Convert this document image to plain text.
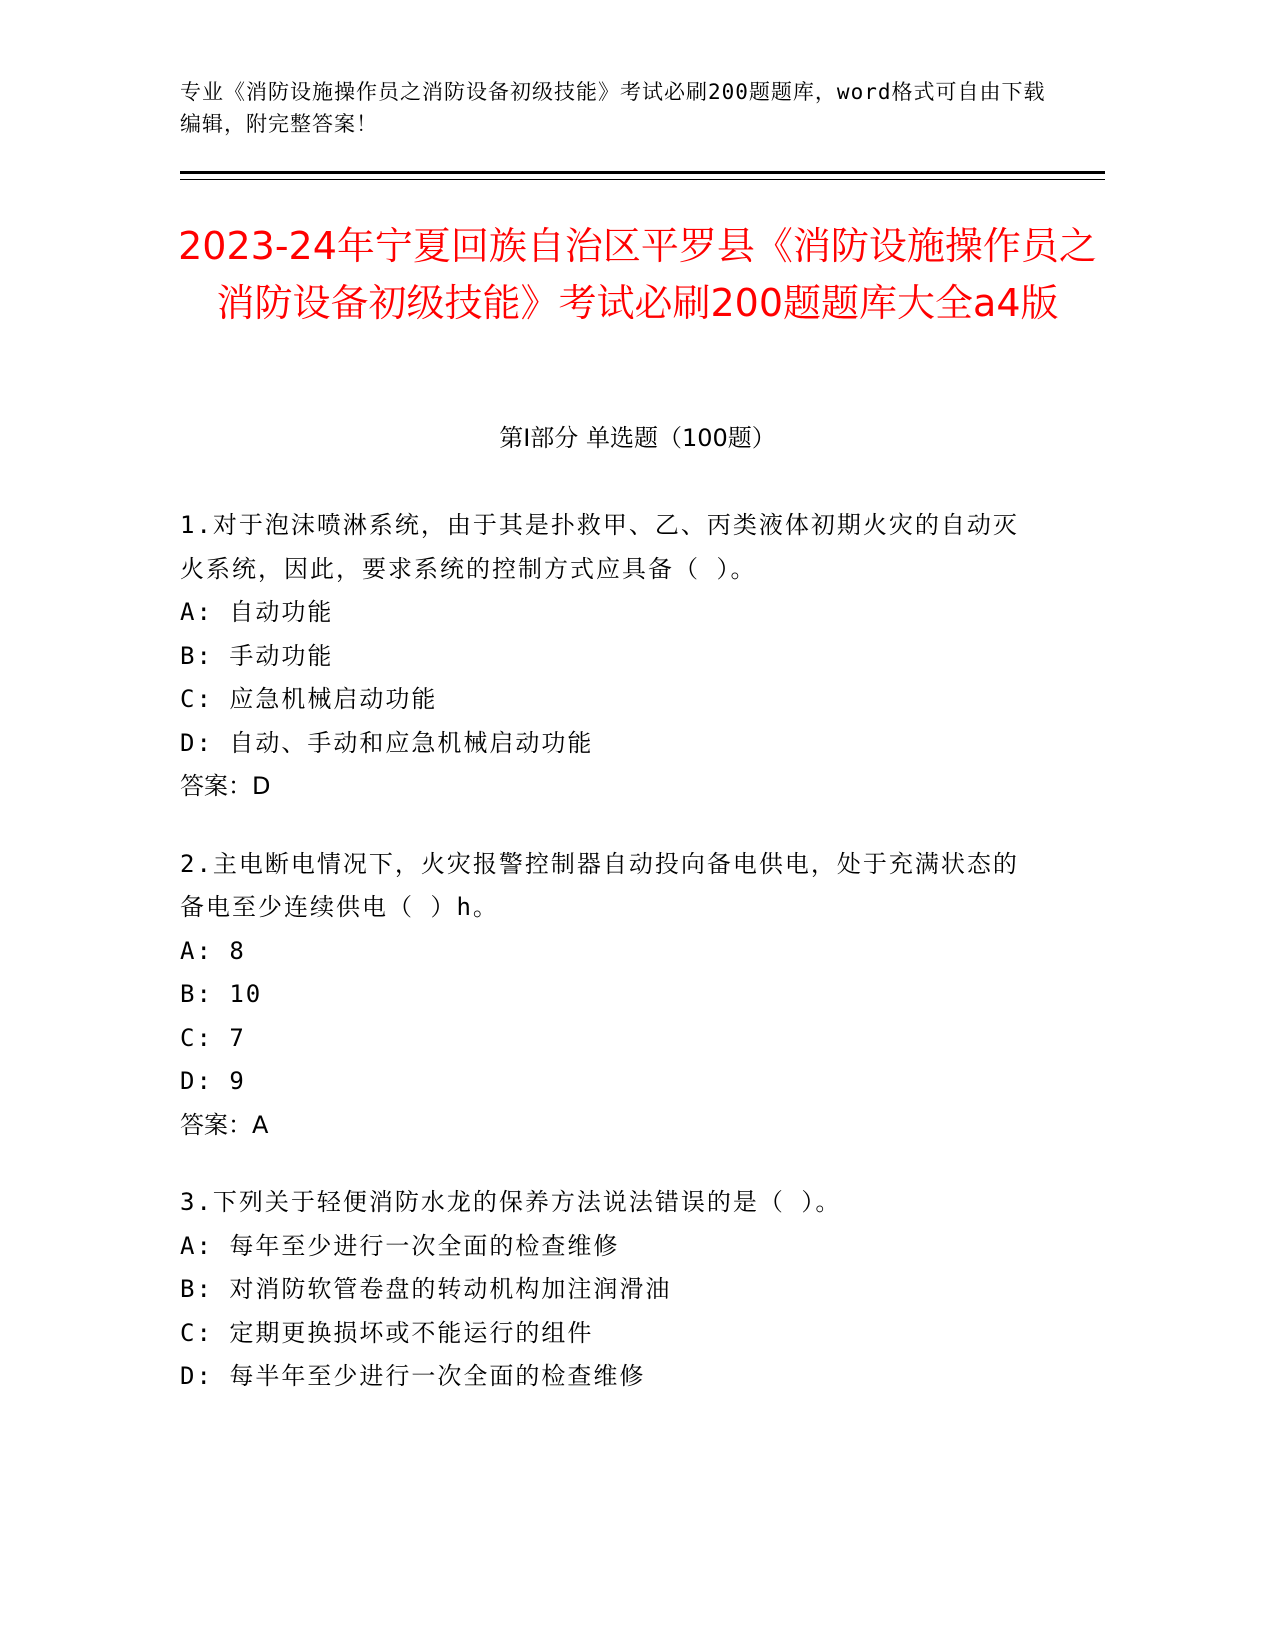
专业《消防设施操作员之消防设备初级技能》考试必刷200题题库，word格式可自由下载编辑，附完整答案！
2023-24年宁夏回族自治区平罗县《消防设施操作员之消防设备初级技能》考试必刷200题题库大全a4版
第I部分 单选题（100题）
1.对于泡沫喷淋系统，由于其是扑救甲、乙、丙类液体初期火灾的自动灭火系统，因此，要求系统的控制方式应具备（ ）。
A: 自动功能
B: 手动功能
C: 应急机械启动功能
D: 自动、手动和应急机械启动功能
答案：D
2.主电断电情况下，火灾报警控制器自动投向备电供电，处于充满状态的备电至少连续供电（ ）h。
A: 8
B: 10
C: 7
D: 9
答案：A
3.下列关于轻便消防水龙的保养方法说法错误的是（ ）。
A: 每年至少进行一次全面的检查维修
B: 对消防软管卷盘的转动机构加注润滑油
C: 定期更换损坏或不能运行的组件
D: 每半年至少进行一次全面的检查维修
